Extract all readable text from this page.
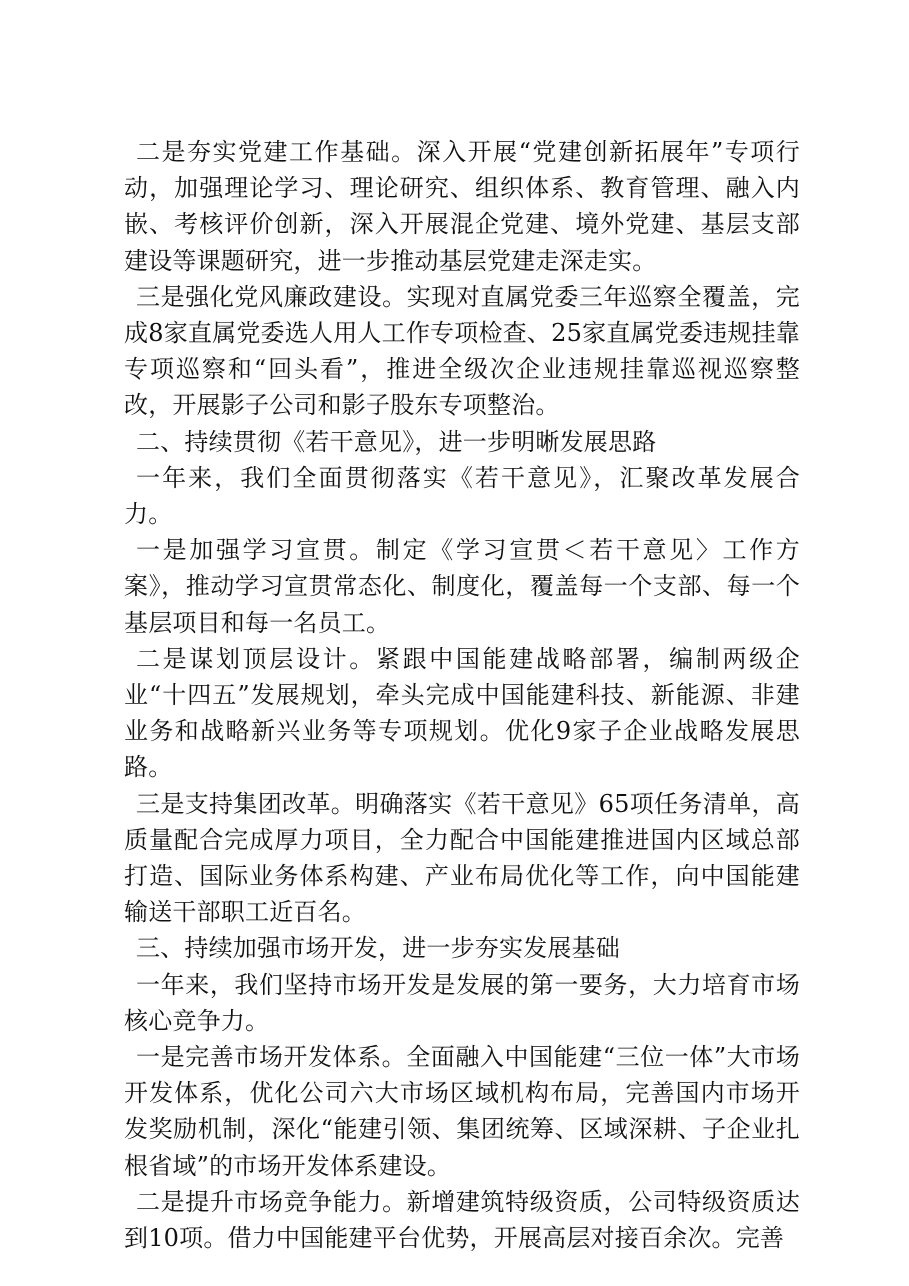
二是夯实党建工作基础。深入开展“党建创新拓展年”专项行动，加强理论学习、理论研究、组织体系、教育管理、融入内嵌、考核评价创新，深入开展混企党建、境外党建、基层支部建设等课题研究，进一步推动基层党建走深走实。

三是强化党风廉政建设。实现对直属党委三年巡察全覆盖，完成8家直属党委选人用人工作专项检查、25家直属党委违规挂靠专项巡察和“回头看”，推进全级次企业违规挂靠巡视巡察整改，开展影子公司和影子股东专项整治。

二、持续贯彻《若干意见》，进一步明晰发展思路

一年来，我们全面贯彻落实《若干意见》，汇聚改革发展合力。

一是加强学习宣贯。制定《学习宣贯＜若干意见〉工作方案》，推动学习宣贯常态化、制度化，覆盖每一个支部、每一个基层项目和每一名员工。

二是谋划顶层设计。紧跟中国能建战略部署，编制两级企业“十四五”发展规划，牵头完成中国能建科技、新能源、非建业务和战略新兴业务等专项规划。优化9家子企业战略发展思路。

三是支持集团改革。明确落实《若干意见》65项任务清单，高质量配合完成厚力项目，全力配合中国能建推进国内区域总部打造、国际业务体系构建、产业布局优化等工作，向中国能建输送干部职工近百名。

三、持续加强市场开发，进一步夯实发展基础

一年来，我们坚持市场开发是发展的第一要务，大力培育市场核心竞争力。

一是完善市场开发体系。全面融入中国能建“三位一体”大市场开发体系，优化公司六大市场区域机构布局，完善国内市场开发奖励机制，深化“能建引领、集团统筹、区域深耕、子企业扎根省域”的市场开发体系建设。

二是提升市场竞争能力。新增建筑特级资质，公司特级资质达到10项。借力中国能建平台优势，开展高层对接百余次。完善
